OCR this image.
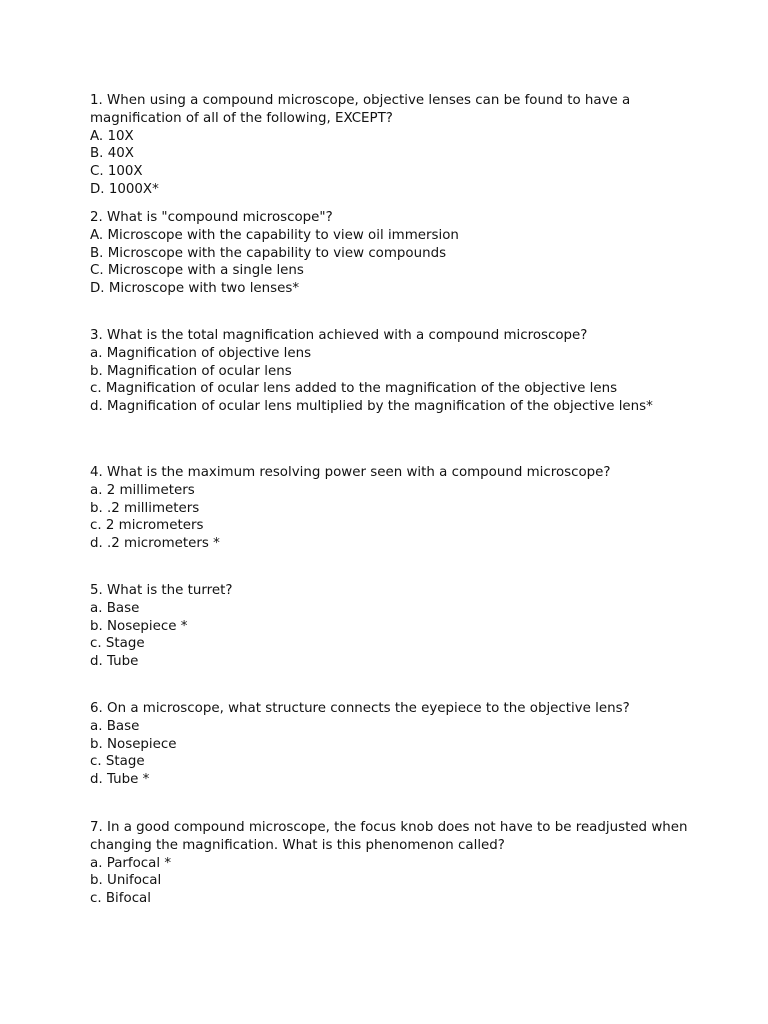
1. When using a compound microscope, objective lenses can be found to have a magnification of all of the following, EXCEPT?

A. 10X

B. 40X

C. 100X

D. 1000X*

2. What is "compound microscope"?

A. Microscope with the capability to view oil immersion

B. Microscope with the capability to view compounds

C. Microscope with a single lens

D. Microscope with two lenses*

3. What is the total magnification achieved with a compound microscope?

a. Magnification of objective lens

b. Magnification of ocular lens

c. Magnification of ocular lens added to the magnification of the objective lens

d. Magnification of ocular lens multiplied by the magnification of the objective lens*

4. What is the maximum resolving power seen with a compound microscope?

a. 2 millimeters

b. .2 millimeters

c. 2 micrometers

d. .2 micrometers *

5. What is the turret?

a. Base

b. Nosepiece *

c. Stage

d. Tube

6. On a microscope, what structure connects the eyepiece to the objective lens?

a. Base

b. Nosepiece

c. Stage

d. Tube *

7. In a good compound microscope, the focus knob does not have to be readjusted when changing the magnification. What is this phenomenon called?

a. Parfocal *

b. Unifocal

c. Bifocal
